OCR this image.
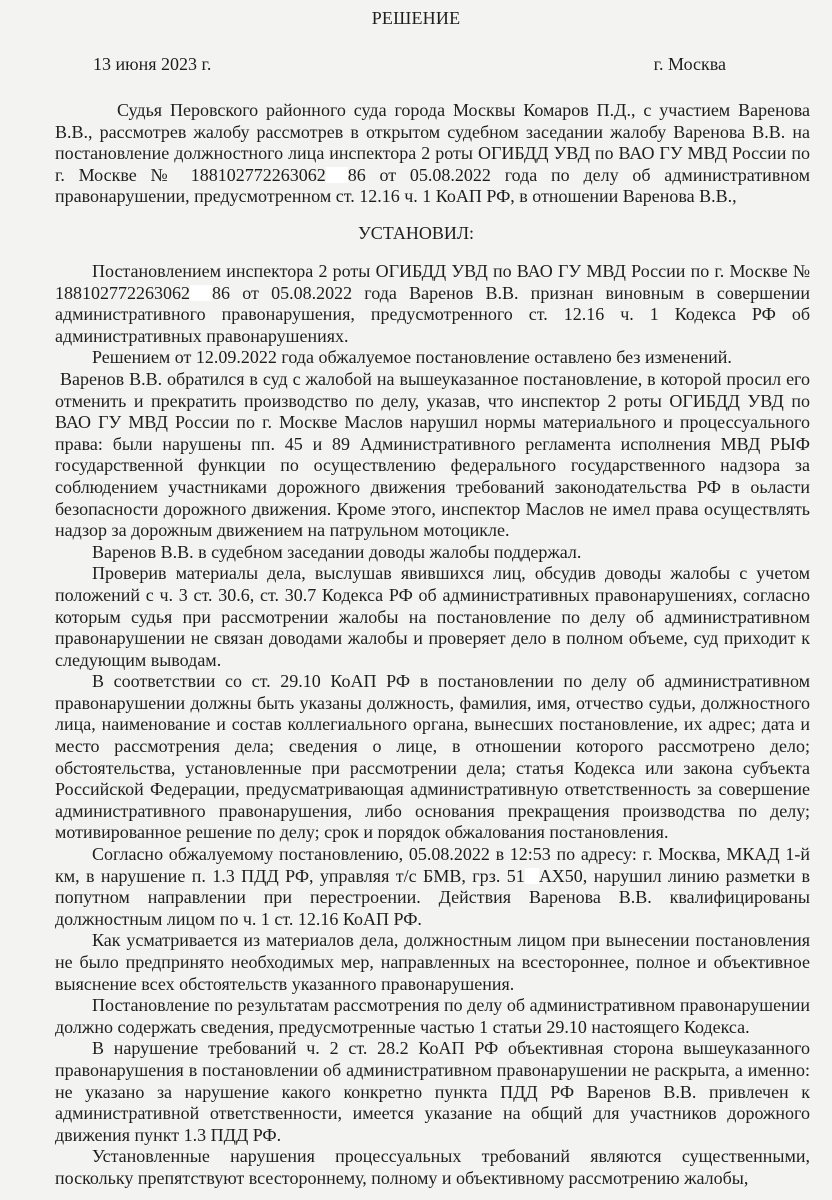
РЕШЕНИЕ
13 июня 2023 г.	г. Москва

Судья Перовского районного суда города Москвы Комаров П.Д., с участием Варенова В.В., рассмотрев жалобу рассмотрев в открытом судебном заседании жалобу Варенова В.В. на постановление должностного лица инспектора 2 роты ОГИБДД УВД по ВАО ГУ МВД России по г. Москве № 188102772263062 86 от 05.08.2022 года по делу об административном правонарушении, предусмотренном ст. 12.16 ч. 1 КоАП РФ, в отношении Варенова В.В.,

УСТАНОВИЛ:

Постановлением инспектора 2 роты ОГИБДД УВД по ВАО ГУ МВД России по г. Москве № 188102772263062 86 от 05.08.2022 года Варенов В.В. признан виновным в совершении административного правонарушения, предусмотренного ст. 12.16 ч. 1 Кодекса РФ об административных правонарушениях.

Решением от 12.09.2022 года обжалуемое постановление оставлено без изменений.

Варенов В.В. обратился в суд с жалобой на вышеуказанное постановление, в которой просил его отменить и прекратить производство по делу, указав, что инспектор 2 роты ОГИБДД УВД по ВАО ГУ МВД России по г. Москве Маслов нарушил нормы материального и процессуального права: были нарушены пп. 45 и 89 Административного регламента исполнения МВД РЫФ государственной функции по осуществлению федерального государственного надзора за соблюдением участниками дорожного движения требований законодательства РФ в оьласти безопасности дорожного движения. Кроме этого, инспектор Маслов не имел права осуществлять надзор за дорожным движением на патрульном мотоцикле.

Варенов В.В. в судебном заседании доводы жалобы поддержал.

Проверив материалы дела, выслушав явившихся лиц, обсудив доводы жалобы с учетом положений с ч. 3 ст. 30.6, ст. 30.7 Кодекса РФ об административных правонарушениях, согласно которым судья при рассмотрении жалобы на постановление по делу об административном правонарушении не связан доводами жалобы и проверяет дело в полном объеме, суд приходит к следующим выводам.

В соответствии со ст. 29.10 КоАП РФ в постановлении по делу об административном правонарушении должны быть указаны должность, фамилия, имя, отчество судьи, должностного лица, наименование и состав коллегиального органа, вынесших постановление, их адрес; дата и место рассмотрения дела; сведения о лице, в отношении которого рассмотрено дело; обстоятельства, установленные при рассмотрении дела; статья Кодекса или закона субъекта Российской Федерации, предусматривающая административную ответственность за совершение административного правонарушения, либо основания прекращения производства по делу; мотивированное решение по делу; срок и порядок обжалования постановления.

Согласно обжалуемому постановлению, 05.08.2022 в 12:53 по адресу: г. Москва, МКАД 1-й км, в нарушение п. 1.3 ПДД РФ, управляя т/с БМВ, грз. 51 АХ50, нарушил линию разметки в попутном направлении при перестроении. Действия Варенова В.В. квалифицированы должностным лицом по ч. 1 ст. 12.16 КоАП РФ.

Как усматривается из материалов дела, должностным лицом при вынесении постановления не было предпринято необходимых мер, направленных на всестороннее, полное и объективное выяснение всех обстоятельств указанного правонарушения.

Постановление по результатам рассмотрения по делу об административном правонарушении должно содержать сведения, предусмотренные частью 1 статьи 29.10 настоящего Кодекса.

В нарушение требований ч. 2 ст. 28.2 КоАП РФ объективная сторона вышеуказанного правонарушения в постановлении об административном правонарушении не раскрыта, а именно: не указано за нарушение какого конкретно пункта ПДД РФ Варенов В.В. привлечен к административной ответственности, имеется указание на общий для участников дорожного движения пункт 1.3 ПДД РФ.

Установленные нарушения процессуальных требований являются существенными, поскольку препятствуют всестороннему, полному и объективному рассмотрению жалобы,
